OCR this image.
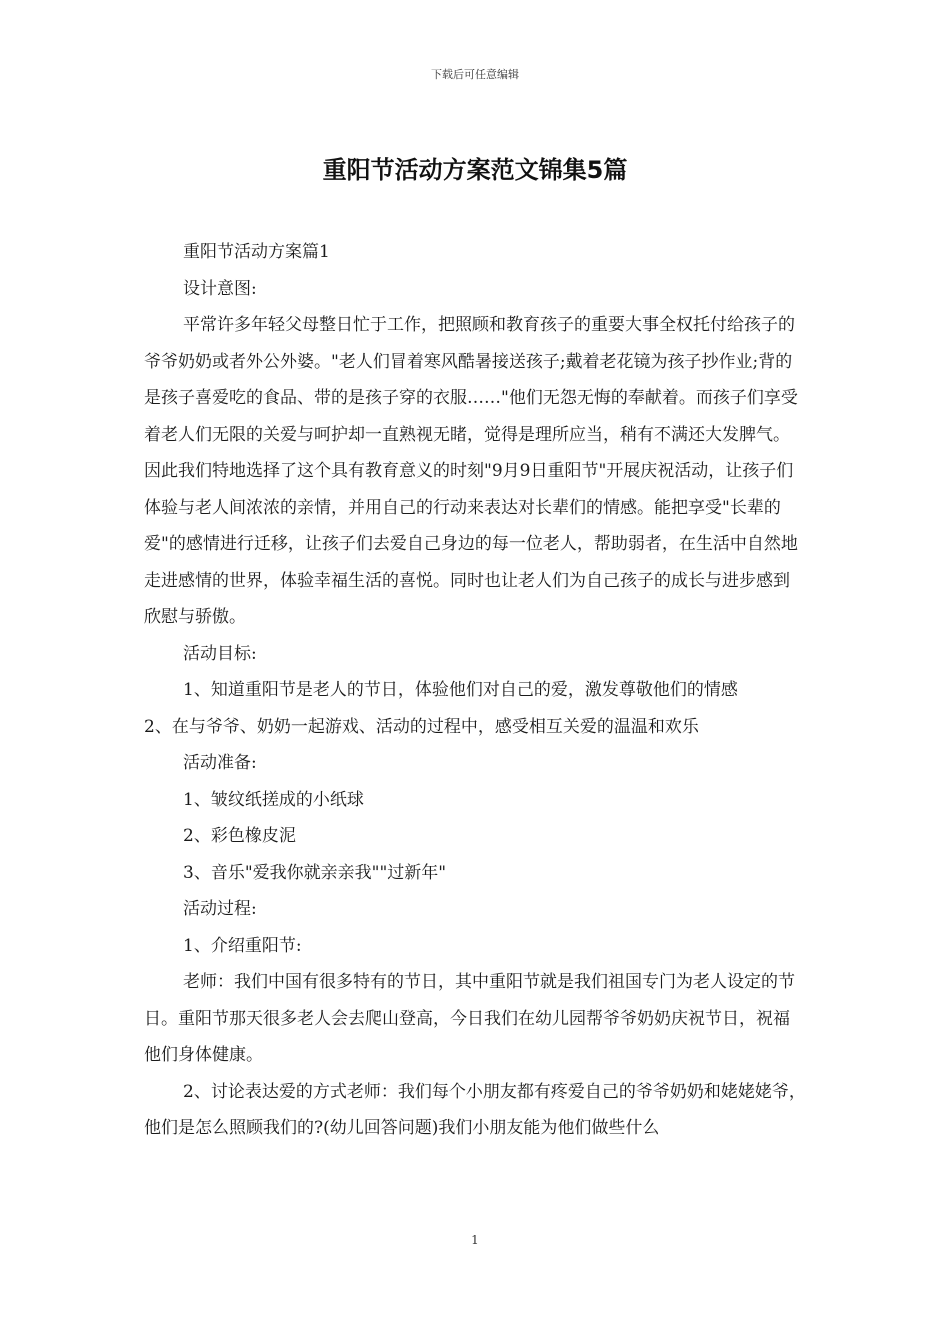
下载后可任意编辑
重阳节活动方案范文锦集5篇

重阳节活动方案篇1

设计意图:

平常许多年轻父母整日忙于工作，把照顾和教育孩子的重要大事全权托付给孩子的爷爷奶奶或者外公外婆。"老人们冒着寒风酷暑接送孩子;戴着老花镜为孩子抄作业;背的是孩子喜爱吃的食品、带的是孩子穿的衣服……"他们无怨无悔的奉献着。而孩子们享受着老人们无限的关爱与呵护却一直熟视无睹，觉得是理所应当，稍有不满还大发脾气。因此我们特地选择了这个具有教育意义的时刻"9月9日重阳节"开展庆祝活动，让孩子们体验与老人间浓浓的亲情，并用自己的行动来表达对长辈们的情感。能把享受"长辈的爱"的感情进行迁移，让孩子们去爱自己身边的每一位老人，帮助弱者，在生活中自然地走进感情的世界，体验幸福生活的喜悦。同时也让老人们为自己孩子的成长与进步感到欣慰与骄傲。

活动目标:

1、知道重阳节是老人的节日，体验他们对自己的爱，激发尊敬他们的情感

2、在与爷爷、奶奶一起游戏、活动的过程中，感受相互关爱的温温和欢乐

活动准备:

1、皱纹纸搓成的小纸球

2、彩色橡皮泥

3、音乐"爱我你就亲亲我""过新年"

活动过程:

1、介绍重阳节:

老师：我们中国有很多特有的节日，其中重阳节就是我们祖国专门为老人设定的节日。重阳节那天很多老人会去爬山登高，今日我们在幼儿园帮爷爷奶奶庆祝节日，祝福他们身体健康。

2、讨论表达爱的方式老师：我们每个小朋友都有疼爱自己的爷爷奶奶和姥姥姥爷，他们是怎么照顾我们的?(幼儿回答问题)我们小朋友能为他们做些什么

1
